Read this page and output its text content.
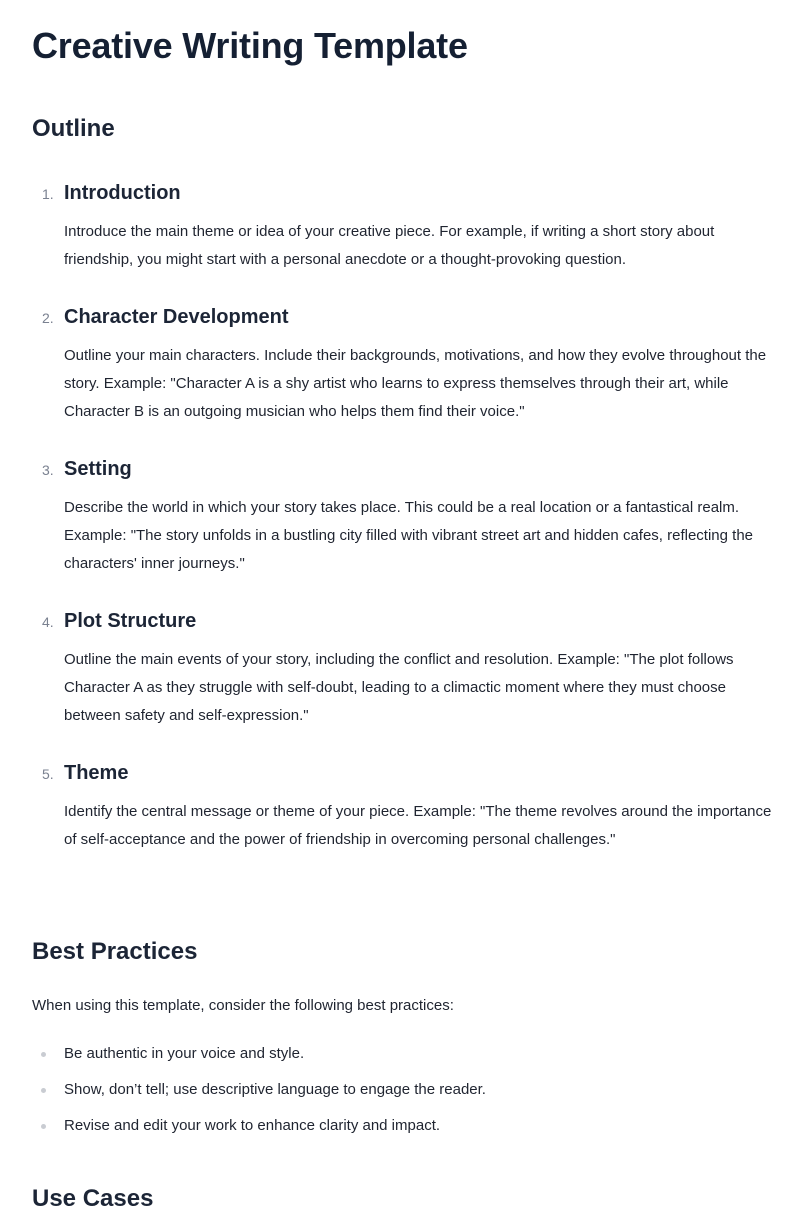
Creative Writing Template
Outline
1. Introduction

Introduce the main theme or idea of your creative piece. For example, if writing a short story about friendship, you might start with a personal anecdote or a thought-provoking question.

2. Character Development

Outline your main characters. Include their backgrounds, motivations, and how they evolve throughout the story. Example: "Character A is a shy artist who learns to express themselves through their art, while Character B is an outgoing musician who helps them find their voice."

3. Setting

Describe the world in which your story takes place. This could be a real location or a fantastical realm. Example: "The story unfolds in a bustling city filled with vibrant street art and hidden cafes, reflecting the characters' inner journeys."

4. Plot Structure

Outline the main events of your story, including the conflict and resolution. Example: "The plot follows Character A as they struggle with self-doubt, leading to a climactic moment where they must choose between safety and self-expression."

5. Theme

Identify the central message or theme of your piece. Example: "The theme revolves around the importance of self-acceptance and the power of friendship in overcoming personal challenges."

Best Practices

When using this template, consider the following best practices:

Be authentic in your voice and style.
Show, don’t tell; use descriptive language to engage the reader.
Revise and edit your work to enhance clarity and impact.
Use Cases
